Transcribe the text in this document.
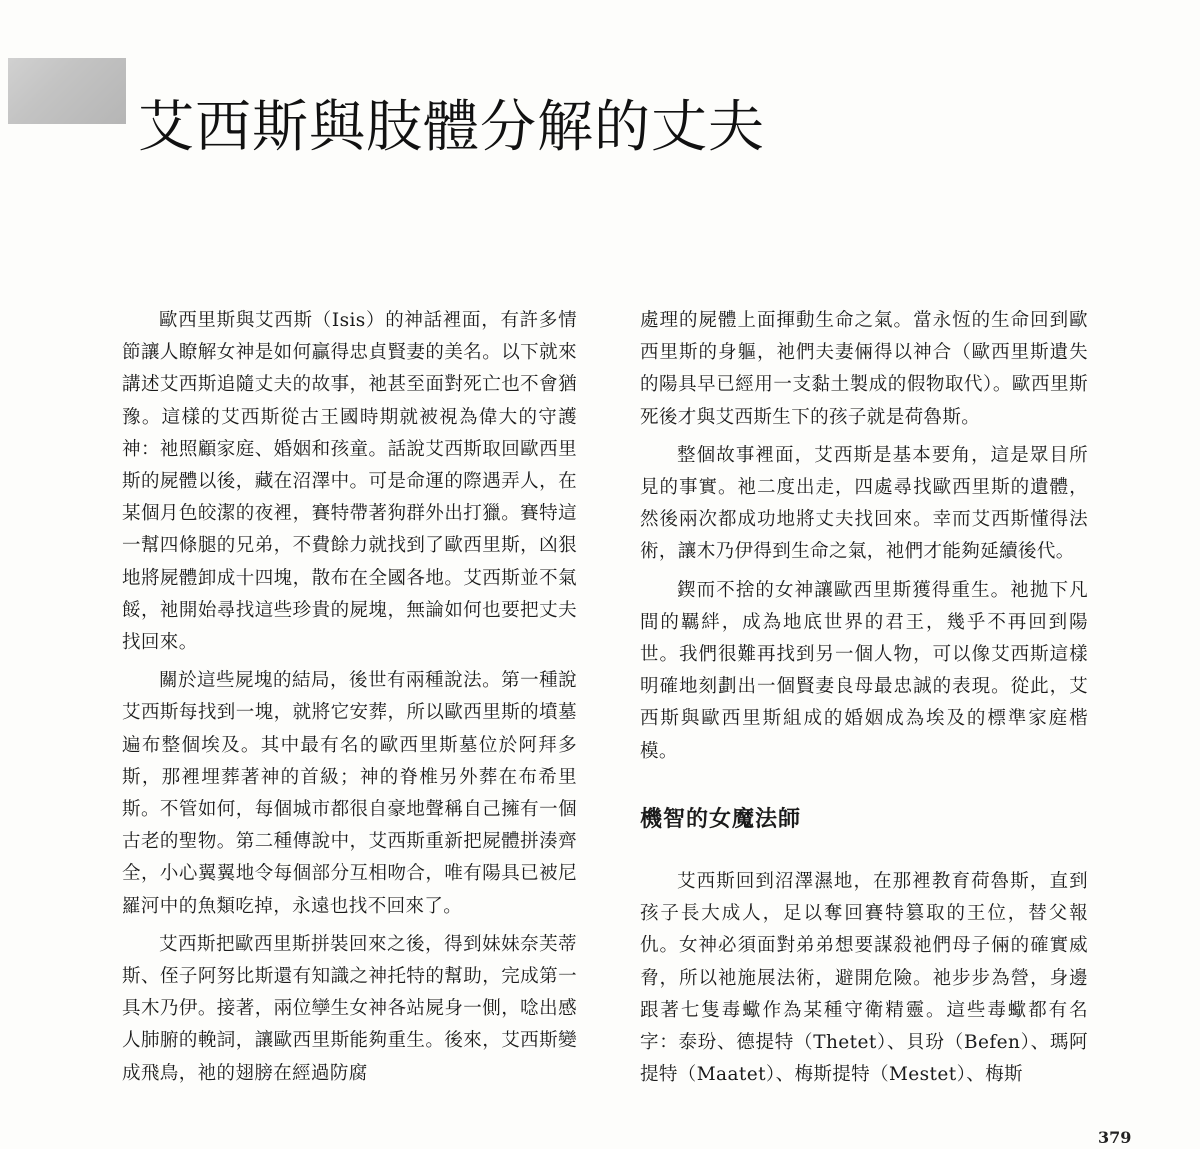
艾西斯與肢體分解的丈夫

歐西里斯與艾西斯（Isis）的神話裡面，有許多情節讓人瞭解女神是如何贏得忠貞賢妻的美名。以下就來講述艾西斯追隨丈夫的故事，祂甚至面對死亡也不會猶豫。這樣的艾西斯從古王國時期就被視為偉大的守護神：祂照顧家庭、婚姻和孩童。話說艾西斯取回歐西里斯的屍體以後，藏在沼澤中。可是命運的際遇弄人，在某個月色皎潔的夜裡，賽特帶著狗群外出打獵。賽特這一幫四條腿的兄弟，不費餘力就找到了歐西里斯，凶狠地將屍體卸成十四塊，散布在全國各地。艾西斯並不氣餒，祂開始尋找這些珍貴的屍塊，無論如何也要把丈夫找回來。

關於這些屍塊的結局，後世有兩種說法。第一種說艾西斯每找到一塊，就將它安葬，所以歐西里斯的墳墓遍布整個埃及。其中最有名的歐西里斯墓位於阿拜多斯，那裡埋葬著神的首級；神的脊椎另外葬在布希里斯。不管如何，每個城市都很自豪地聲稱自己擁有一個古老的聖物。第二種傳說中，艾西斯重新把屍體拼湊齊全，小心翼翼地令每個部分互相吻合，唯有陽具已被尼羅河中的魚類吃掉，永遠也找不回來了。

艾西斯把歐西里斯拼裝回來之後，得到妹妹奈芙蒂斯、侄子阿努比斯還有知識之神托特的幫助，完成第一具木乃伊。接著，兩位孿生女神各站屍身一側，唸出感人肺腑的輓詞，讓歐西里斯能夠重生。後來，艾西斯變成飛鳥，祂的翅膀在經過防腐

處理的屍體上面揮動生命之氣。當永恆的生命回到歐西里斯的身軀，祂們夫妻倆得以神合（歐西里斯遺失的陽具早已經用一支黏土製成的假物取代）。歐西里斯死後才與艾西斯生下的孩子就是荷魯斯。

整個故事裡面，艾西斯是基本要角，這是眾目所見的事實。祂二度出走，四處尋找歐西里斯的遺體，然後兩次都成功地將丈夫找回來。幸而艾西斯懂得法術，讓木乃伊得到生命之氣，祂們才能夠延續後代。

鍥而不捨的女神讓歐西里斯獲得重生。祂拋下凡間的羈絆，成為地底世界的君王，幾乎不再回到陽世。我們很難再找到另一個人物，可以像艾西斯這樣明確地刻劃出一個賢妻良母最忠誠的表現。從此，艾西斯與歐西里斯組成的婚姻成為埃及的標準家庭楷模。

機智的女魔法師

艾西斯回到沼澤濕地，在那裡教育荷魯斯，直到孩子長大成人，足以奪回賽特篡取的王位，替父報仇。女神必須面對弟弟想要謀殺祂們母子倆的確實威脅，所以祂施展法術，避開危險。祂步步為營，身邊跟著七隻毒蠍作為某種守衛精靈。這些毒蠍都有名字：泰玢、德提特（Thetet）、貝玢（Befen）、瑪阿提特（Maatet）、梅斯提特（Mestet）、梅斯

379
